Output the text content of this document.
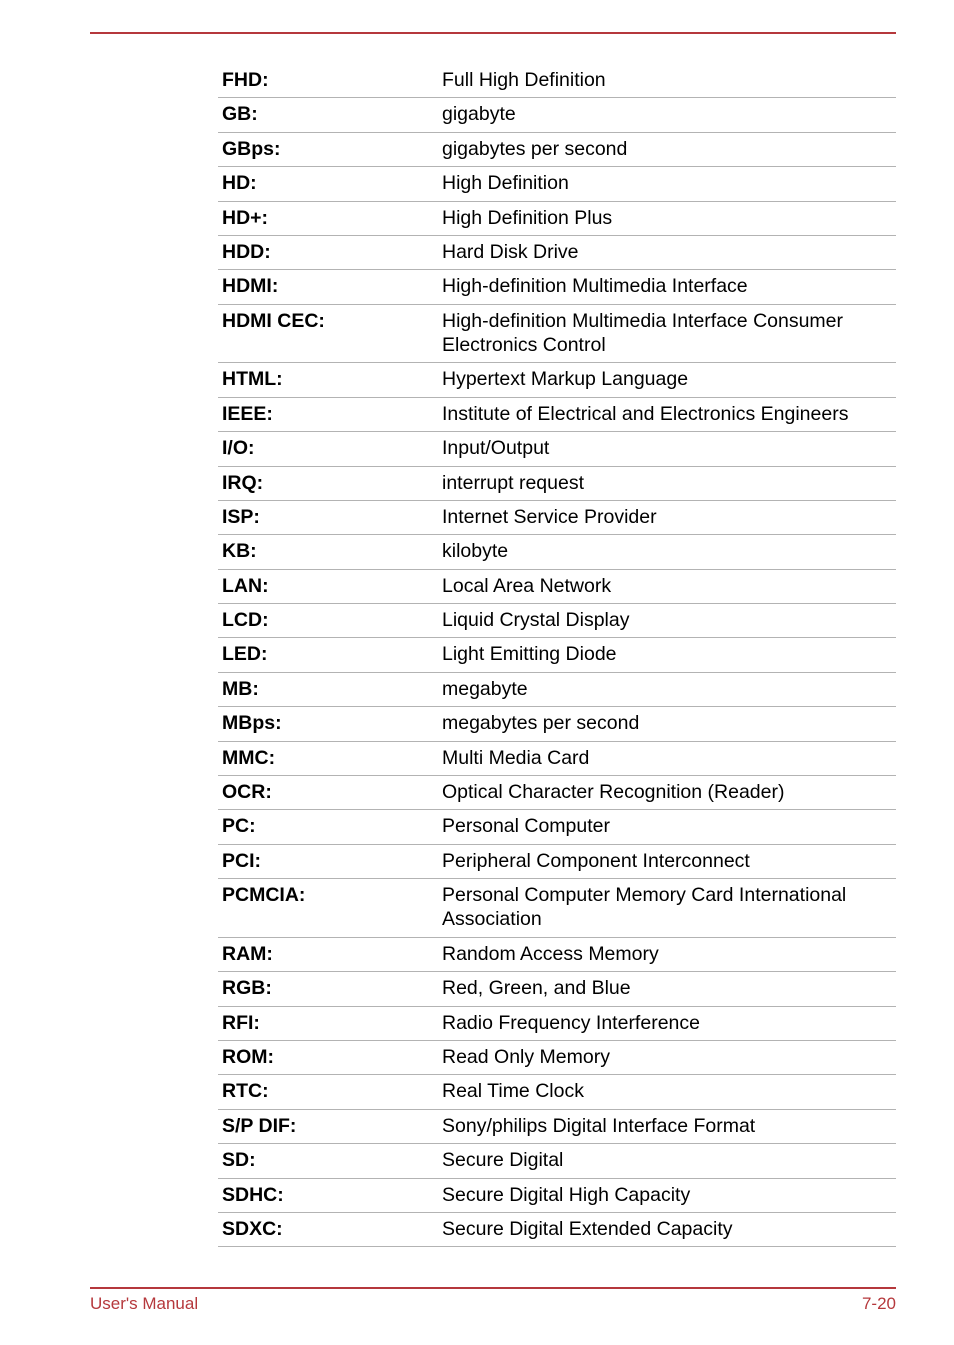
FHD:	Full High Definition
GB:	gigabyte
GBps:	gigabytes per second
HD:	High Definition
HD+:	High Definition Plus
HDD:	Hard Disk Drive
HDMI:	High-definition Multimedia Interface
HDMI CEC:	High-definition Multimedia Interface Consumer Electronics Control
HTML:	Hypertext Markup Language
IEEE:	Institute of Electrical and Electronics Engineers
I/O:	Input/Output
IRQ:	interrupt request
ISP:	Internet Service Provider
KB:	kilobyte
LAN:	Local Area Network
LCD:	Liquid Crystal Display
LED:	Light Emitting Diode
MB:	megabyte
MBps:	megabytes per second
MMC:	Multi Media Card
OCR:	Optical Character Recognition (Reader)
PC:	Personal Computer
PCI:	Peripheral Component Interconnect
PCMCIA:	Personal Computer Memory Card International Association
RAM:	Random Access Memory
RGB:	Red, Green, and Blue
RFI:	Radio Frequency Interference
ROM:	Read Only Memory
RTC:	Real Time Clock
S/P DIF:	Sony/philips Digital Interface Format
SD:	Secure Digital
SDHC:	Secure Digital High Capacity
SDXC:	Secure Digital Extended Capacity
User's Manual	7-20
